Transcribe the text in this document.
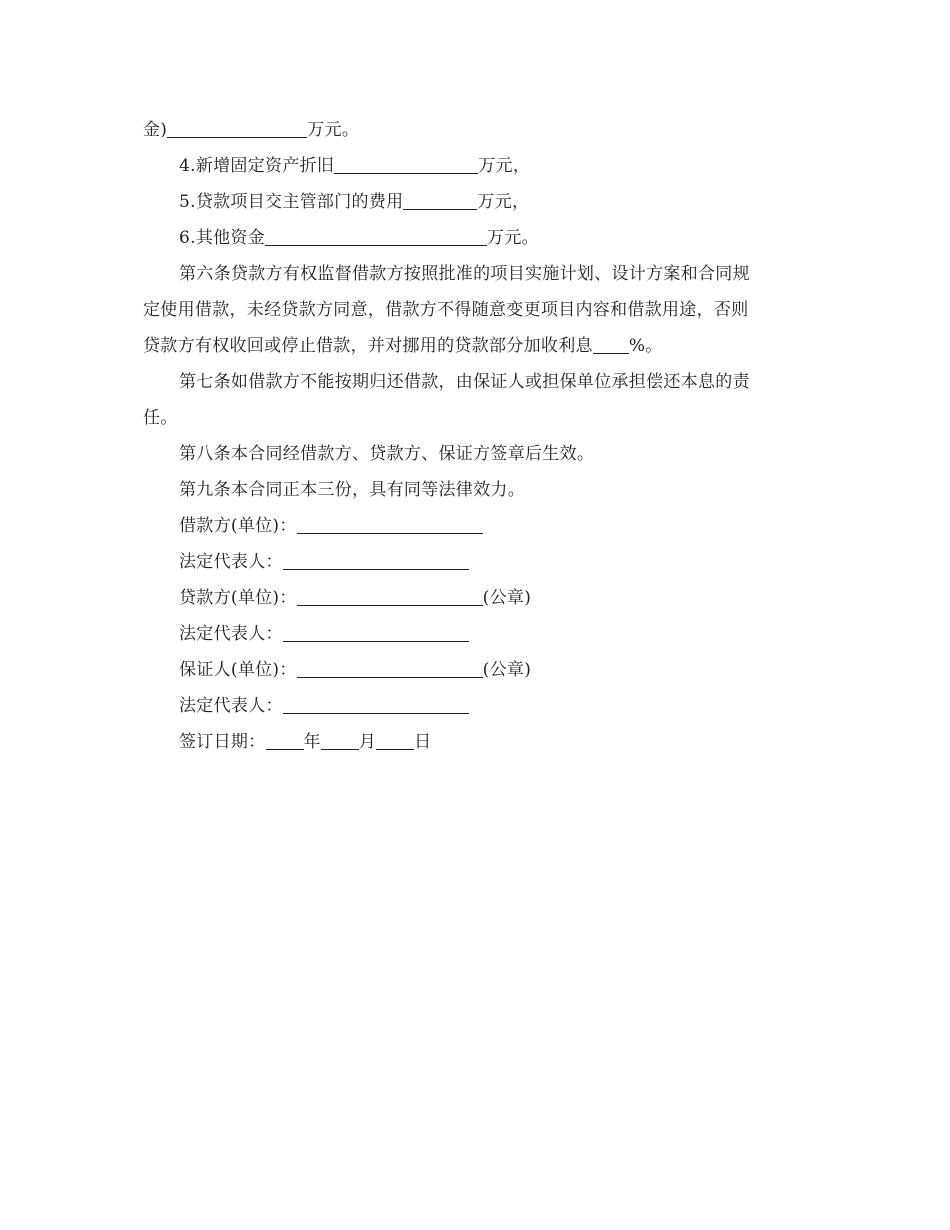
金)	万元。
4.新增固定资产折旧	万元，
5.贷款项目交主管部门的费用	万元，
6.其他资金	万元。
第六条贷款方有权监督借款方按照批准的项目实施计划、设计方案和合同规
定使用借款，未经贷款方同意，借款方不得随意变更项目内容和借款用途，否则
贷款方有权收回或停止借款，并对挪用的贷款部分加收利息 %。
第七条如借款方不能按期归还借款，由保证人或担保单位承担偿还本息的责
任。
第八条本合同经借款方、贷款方、保证方签章后生效。
第九条本合同正本三份，具有同等法律效力。
借款方(单位)：
法定代表人：
贷款方(单位)：	(公章)
法定代表人：
保证人(单位)：	(公章)
法定代表人：
签订日期： 年 月 日
